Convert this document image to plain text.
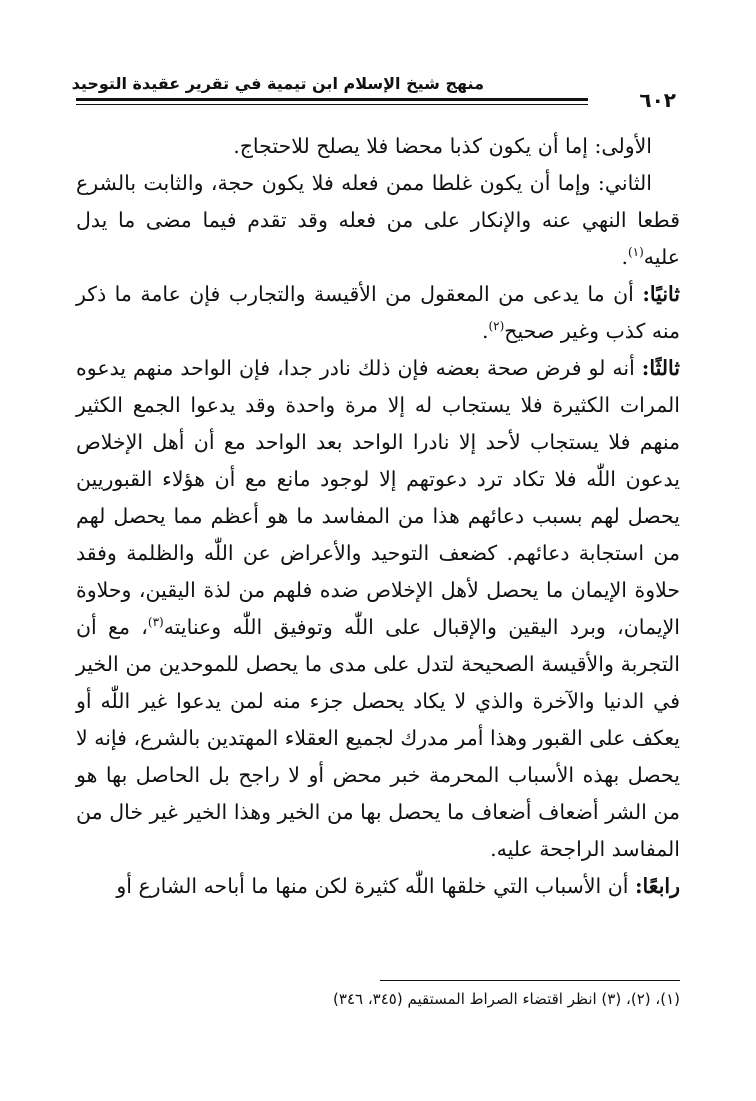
منهج شيخ الإسلام ابن تيمية في تقرير عقيدة التوحيد
٦٠٢

الأولى: إما أن يكون كذبا محضا فلا يصلح للاحتجاج.

الثاني: وإما أن يكون غلطا ممن فعله فلا يكون حجة، والثابت بالشرع قطعا النهي عنه والإنكار على من فعله وقد تقدم فيما مضى ما يدل عليه$^{(١)}$.

ثانيًا: أن ما يدعى من المعقول من الأقيسة والتجارب فإن عامة ما ذكر منه كذب وغير صحيح$^{(٢)}$.

ثالثًا: أنه لو فرض صحة بعضه فإن ذلك نادر جدا، فإن الواحد منهم يدعوه المرات الكثيرة فلا يستجاب له إلا مرة واحدة وقد يدعوا الجمع الكثير منهم فلا يستجاب لأحد إلا نادرا الواحد بعد الواحد مع أن أهل الإخلاص يدعون اللّٰه فلا تكاد ترد دعوتهم إلا لوجود مانع مع أن هؤلاء القبوريين يحصل لهم بسبب دعائهم هذا من المفاسد ما هو أعظم مما يحصل لهم من استجابة دعائهم. كضعف التوحيد والأعراض عن اللّٰه والظلمة وفقد حلاوة الإيمان ما يحصل لأهل الإخلاص ضده فلهم من لذة اليقين، وحلاوة الإيمان، وبرد اليقين والإقبال على اللّٰه وتوفيق اللّٰه وعنايته$^{(٣)}$، مع أن التجربة والأقيسة الصحيحة لتدل على مدى ما يحصل للموحدين من الخير في الدنيا والآخرة والذي لا يكاد يحصل جزء منه لمن يدعوا غير اللّٰه أو يعكف على القبور وهذا أمر مدرك لجميع العقلاء المهتدين بالشرع، فإنه لا يحصل بهذه الأسباب المحرمة خبر محض أو لا راجح بل الحاصل بها هو من الشر أضعاف أضعاف ما يحصل بها من الخير وهذا الخير غير خال من المفاسد الراجحة عليه.

رابعًا: أن الأسباب التي خلقها اللّٰه كثيرة لكن منها ما أباحه الشارع أو

(١)، (٢)، (٣) انظر اقتضاء الصراط المستقيم (٣٤٥، ٣٤٦)
